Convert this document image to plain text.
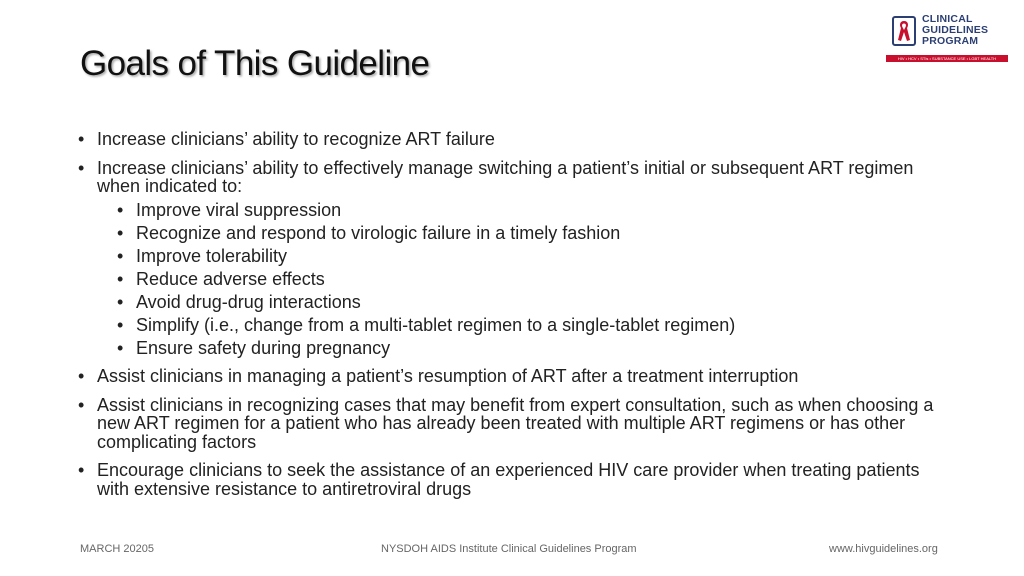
Goals of This Guideline
CLINICAL
GUIDELINES
PROGRAM
HIV • HCV • STIs • SUBSTANCE USE • LGBT HEALTH
• Increase clinicians’ ability to recognize ART failure
• Increase clinicians’ ability to effectively manage switching a patient’s initial or subsequent ART regimen when indicated to:
• Improve viral suppression
• Recognize and respond to virologic failure in a timely fashion
• Improve tolerability
• Reduce adverse effects
• Avoid drug-drug interactions
• Simplify (i.e., change from a multi-tablet regimen to a single-tablet regimen)
• Ensure safety during pregnancy
• Assist clinicians in managing a patient’s resumption of ART after a treatment interruption
• Assist clinicians in recognizing cases that may benefit from expert consultation, such as when choosing a new ART regimen for a patient who has already been treated with multiple ART regimens or has other complicating factors
• Encourage clinicians to seek the assistance of an experienced HIV care provider when treating patients with extensive resistance to antiretroviral drugs
MARCH 20205	NYSDOH AIDS Institute Clinical Guidelines Program	www.hivguidelines.org
